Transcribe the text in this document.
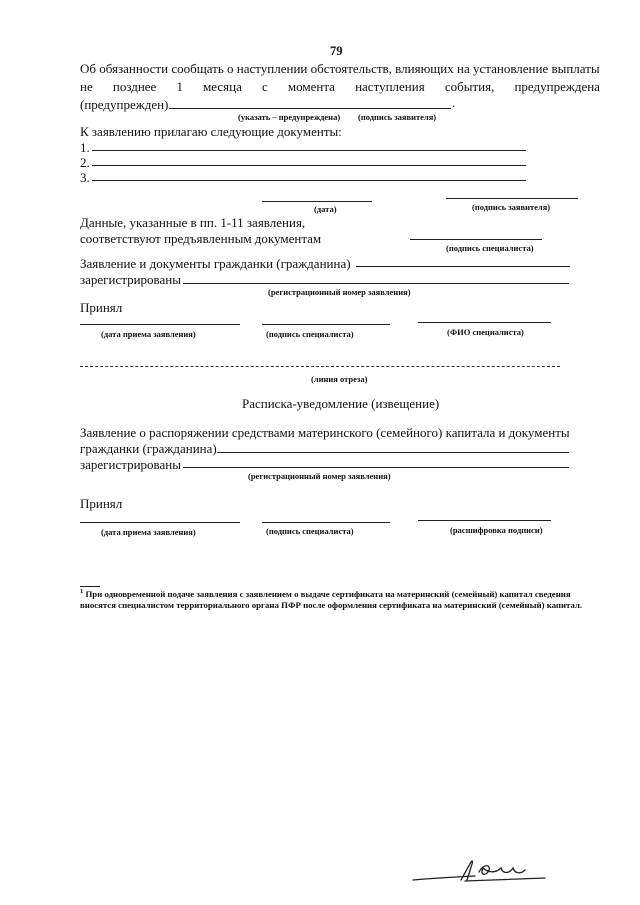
79
Об обязанности сообщать о наступлении обстоятельств, влияющих на установление выплаты
не позднее 1 месяца с момента наступления события, предупреждена
(предупрежден)	.
(указать – предупреждена) (подпись заявителя)
К заявлению прилагаю следующие документы:
1.
2.
3.
(дата)	(подпись заявителя)
Данные, указанные в пп. 1-11 заявления,
соответствуют предъявленным документам
(подпись специалиста)
Заявление и документы гражданки (гражданина)
зарегистрированы
(регистрационный номер заявления)
Принял
(дата приема заявления)	(подпись специалиста)	(ФИО специалиста)
(линия отреза)
Расписка-уведомление (извещение)
Заявление о распоряжении средствами материнского (семейного) капитала и документы
гражданки (гражданина)
зарегистрированы
(регистрационный номер заявления)
Принял
(дата приема заявления)	(подпись специалиста)	(расшифровка подписи)
$^1$ При одновременной подаче заявления с заявлением о выдаче сертификата на материнский (семейный) капитал сведения вносятся специалистом территориального органа ПФР после оформления сертификата на материнский (семейный) капитал.
